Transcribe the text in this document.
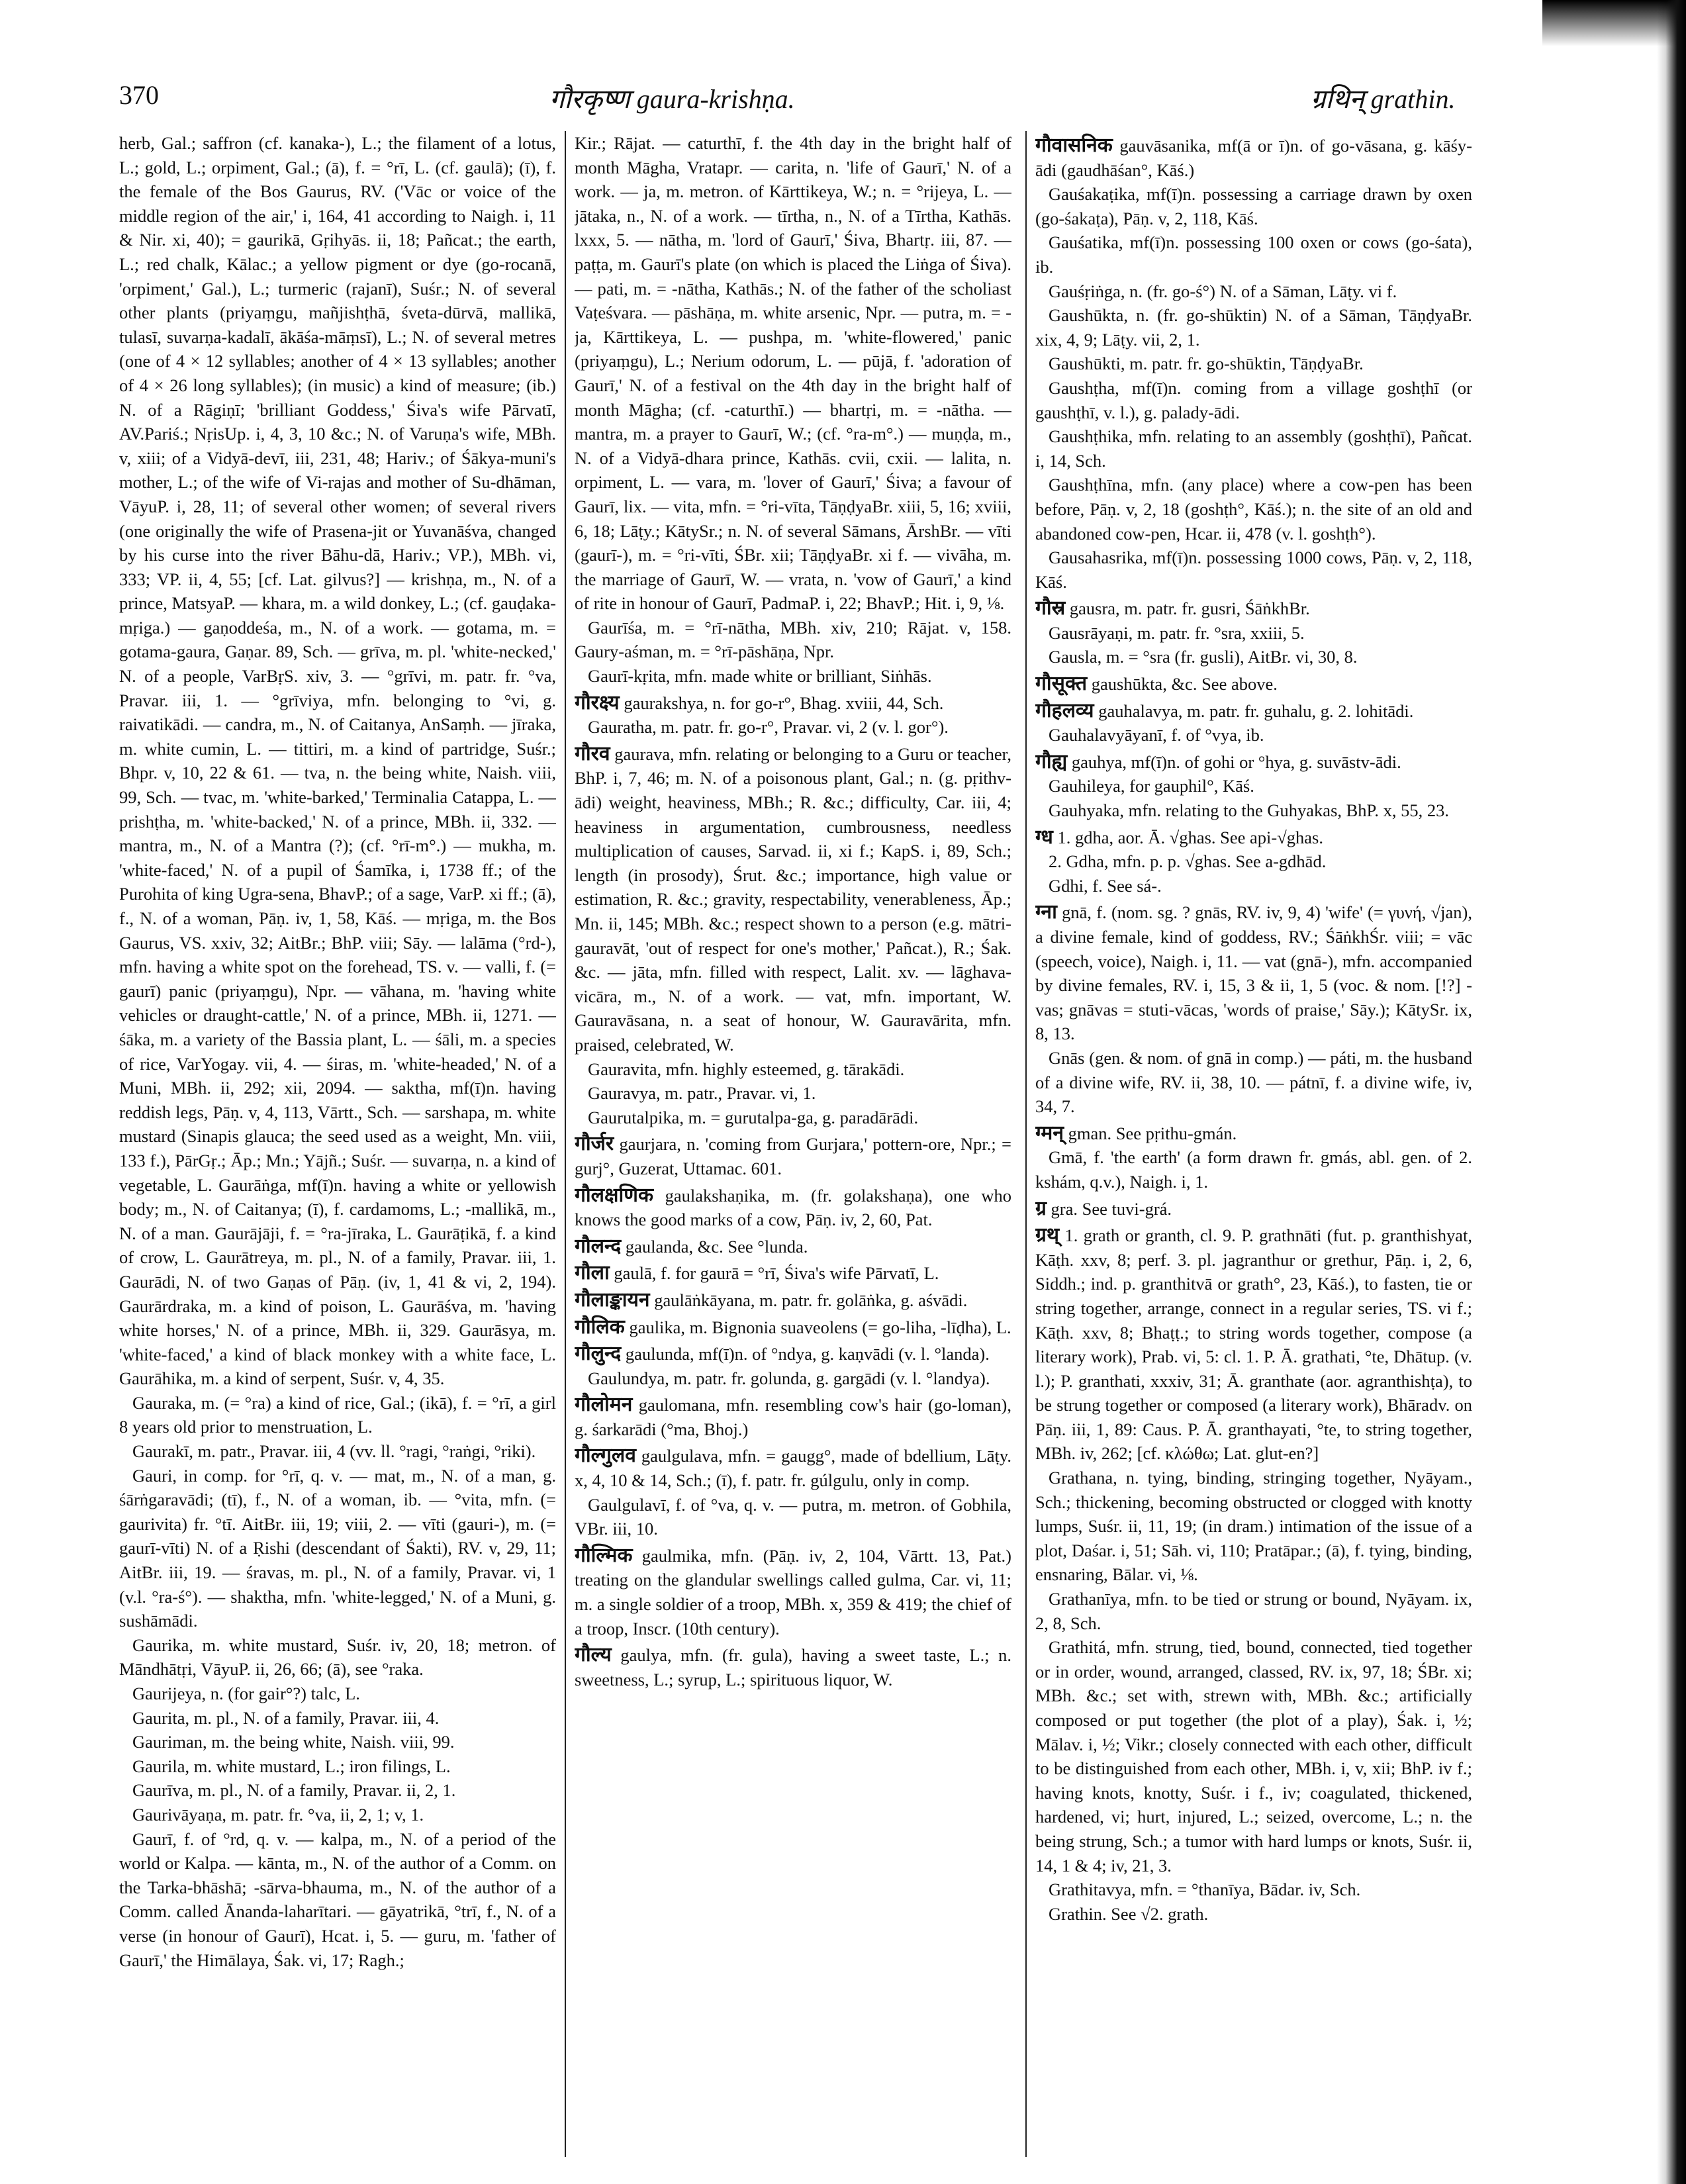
370	गौरकृष्ण gaura-krishṇa.	ग्रथिन् grathin.

herb, Gal.; saffron (cf. kanaka-), L.; the filament of a lotus, L.; gold, L.; orpiment, Gal.; (ā), f. = °rī, L. (cf. gaulā); (ī), f. the female of the Bos Gaurus, RV. ('Vāc or voice of the middle region of the air,' i, 164, 41 according to Naigh. i, 11 & Nir. xi, 40); = gaurikā, Gṛihyās. ii, 18; Pañcat.; the earth, L.; red chalk, Kālac.; a yellow pigment or dye (go-rocanā, 'orpiment,' Gal.), L.; turmeric (rajanī), Suśr.; N. of several other plants (priyaṃgu, mañjishṭhā, śveta-dūrvā, mallikā, tulasī, suvarṇa-kadalī, ākāśa-māṃsī), L.; N. of several metres (one of 4 × 12 syllables; another of 4 × 13 syllables; another of 4 × 26 long syllables); (in music) a kind of measure; (ib.) N. of a Rāgiṇī; 'brilliant Goddess,' Śiva's wife Pārvatī, AV.Pariś.; NṛisUp. i, 4, 3, 10 &c.; N. of Varuṇa's wife, MBh. v, xiii; of a Vidyā-devī, iii, 231, 48; Hariv.; of Śākya-muni's mother, L.; of the wife of Vi-rajas and mother of Su-dhāman, VāyuP. i, 28, 11; of several other women; of several rivers (one originally the wife of Prasena-jit or Yuvanāśva, changed by his curse into the river Bāhu-dā, Hariv.; VP.), MBh. vi, 333; VP. ii, 4, 55; [cf. Lat. gilvus?] — krishṇa, m., N. of a prince, MatsyaP. — khara, m. a wild donkey, L.; (cf. gauḍaka-mṛiga.) — gaṇoddeśa, m., N. of a work. — gotama, m. = gotama-gaura, Gaṇar. 89, Sch. — grīva, m. pl. 'white-necked,' N. of a people, VarBṛS. xiv, 3. — °grīvi, m. patr. fr. °va, Pravar. iii, 1. — °grīviya, mfn. belonging to °vi, g. raivatikādi. — candra, m., N. of Caitanya, AnSaṃh. — jīraka, m. white cumin, L. — tittiri, m. a kind of partridge, Suśr.; Bhpr. v, 10, 22 & 61. — tva, n. the being white, Naish. viii, 99, Sch. — tvac, m. 'white-barked,' Terminalia Catappa, L. — prishṭha, m. 'white-backed,' N. of a prince, MBh. ii, 332. — mantra, m., N. of a Mantra (?); (cf. °rī-m°.) — mukha, m. 'white-faced,' N. of a pupil of Śamīka, i, 1738 ff.; of the Purohita of king Ugra-sena, BhavP.; of a sage, VarP. xi ff.; (ā), f., N. of a woman, Pāṇ. iv, 1, 58, Kāś. — mṛiga, m. the Bos Gaurus, VS. xxiv, 32; AitBr.; BhP. viii; Sāy. — lalāma (°rd-), mfn. having a white spot on the forehead, TS. v. — valli, f. (= gaurī) panic (priyaṃgu), Npr. — vāhana, m. 'having white vehicles or draught-cattle,' N. of a prince, MBh. ii, 1271. — śāka, m. a variety of the Bassia plant, L. — śāli, m. a species of rice, VarYogay. vii, 4. — śiras, m. 'white-headed,' N. of a Muni, MBh. ii, 292; xii, 2094. — saktha, mf(ī)n. having reddish legs, Pāṇ. v, 4, 113, Vārtt., Sch. — sarshapa, m. white mustard (Sinapis glauca; the seed used as a weight, Mn. viii, 133 f.), PārGṛ.; Āp.; Mn.; Yājñ.; Suśr. — suvarṇa, n. a kind of vegetable, L. Gaurāṅga, mf(ī)n. having a white or yellowish body; m., N. of Caitanya; (ī), f. cardamoms, L.; -mallikā, m., N. of a man. Gaurājāji, f. = °ra-jīraka, L. Gaurāṭikā, f. a kind of crow, L. Gaurātreya, m. pl., N. of a family, Pravar. iii, 1. Gaurādi, N. of two Gaṇas of Pāṇ. (iv, 1, 41 & vi, 2, 194). Gaurārdraka, m. a kind of poison, L. Gaurāśva, m. 'having white horses,' N. of a prince, MBh. ii, 329. Gaurāsya, m. 'white-faced,' a kind of black monkey with a white face, L. Gaurāhika, m. a kind of serpent, Suśr. v, 4, 35.

Gauraka, m. (= °ra) a kind of rice, Gal.; (ikā), f. = °rī, a girl 8 years old prior to menstruation, L.

Gaurakī, m. patr., Pravar. iii, 4 (vv. ll. °ragi, °raṅgi, °riki).

Gauri, in comp. for °rī, q. v. — mat, m., N. of a man, g. śārṅgaravādi; (tī), f., N. of a woman, ib. — °vita, mfn. (= gaurivita) fr. °tī. AitBr. iii, 19; viii, 2. — vīti (gauri-), m. (= gaurī-vīti) N. of a Ṛishi (descendant of Śakti), RV. v, 29, 11; AitBr. iii, 19. — śravas, m. pl., N. of a family, Pravar. vi, 1 (v.l. °ra-ś°). — shaktha, mfn. 'white-legged,' N. of a Muni, g. sushāmādi.

Gaurika, m. white mustard, Suśr. iv, 20, 18; metron. of Māndhātṛi, VāyuP. ii, 26, 66; (ā), see °raka.

Gaurijeya, n. (for gair°?) talc, L.

Gaurita, m. pl., N. of a family, Pravar. iii, 4.

Gauriman, m. the being white, Naish. viii, 99.

Gaurila, m. white mustard, L.; iron filings, L.

Gaurīva, m. pl., N. of a family, Pravar. ii, 2, 1.

Gaurivāyaṇa, m. patr. fr. °va, ii, 2, 1; v, 1.

Gaurī, f. of °rd, q. v. — kalpa, m., N. of a period of the world or Kalpa. — kānta, m., N. of the author of a Comm. on the Tarka-bhāshā; -sārva-bhauma, m., N. of the author of a Comm. called Ānanda-laharītari. — gāyatrikā, °trī, f., N. of a verse (in honour of Gaurī), Hcat. i, 5. — guru, m. 'father of Gaurī,' the Himālaya, Śak. vi, 17; Ragh.;

Kir.; Rājat. — caturthī, f. the 4th day in the bright half of month Māgha, Vratapr. — carita, n. 'life of Gaurī,' N. of a work. — ja, m. metron. of Kārttikeya, W.; n. = °rijeya, L. — jātaka, n., N. of a work. — tīrtha, n., N. of a Tīrtha, Kathās. lxxx, 5. — nātha, m. 'lord of Gaurī,' Śiva, Bhartṛ. iii, 87. — paṭṭa, m. Gaurī's plate (on which is placed the Liṅga of Śiva). — pati, m. = -nātha, Kathās.; N. of the father of the scholiast Vaṭeśvara. — pāshāṇa, m. white arsenic, Npr. — putra, m. = -ja, Kārttikeya, L. — pushpa, m. 'white-flowered,' panic (priyaṃgu), L.; Nerium odorum, L. — pūjā, f. 'adoration of Gaurī,' N. of a festival on the 4th day in the bright half of month Māgha; (cf. -caturthī.) — bhartṛi, m. = -nātha. — mantra, m. a prayer to Gaurī, W.; (cf. °ra-m°.) — muṇḍa, m., N. of a Vidyā-dhara prince, Kathās. cvii, cxii. — lalita, n. orpiment, L. — vara, m. 'lover of Gaurī,' Śiva; a favour of Gaurī, lix. — vita, mfn. = °ri-vīta, TāṇḍyaBr. xiii, 5, 16; xviii, 6, 18; Lāṭy.; KātySr.; n. N. of several Sāmans, ĀrshBr. — vīti (gaurī-), m. = °ri-vīti, ŚBr. xii; TāṇḍyaBr. xi f. — vivāha, m. the marriage of Gaurī, W. — vrata, n. 'vow of Gaurī,' a kind of rite in honour of Gaurī, PadmaP. i, 22; BhavP.; Hit. i, 9, ⅛.

Gaurīśa, m. = °rī-nātha, MBh. xiv, 210; Rājat. v, 158. Gaury-aśman, m. = °rī-pāshāṇa, Npr.

Gaurī-kṛita, mfn. made white or brilliant, Siṅhās.

गौरक्ष्य gaurakshya, n. for go-r°, Bhag. xviii, 44, Sch.

Gauratha, m. patr. fr. go-r°, Pravar. vi, 2 (v. l. gor°).

गौरव gaurava, mfn. relating or belonging to a Guru or teacher, BhP. i, 7, 46; m. N. of a poisonous plant, Gal.; n. (g. pṛithv-ādi) weight, heaviness, MBh.; R. &c.; difficulty, Car. iii, 4; heaviness in argumentation, cumbrousness, needless multiplication of causes, Sarvad. ii, xi f.; KapS. i, 89, Sch.; length (in prosody), Śrut. &c.; importance, high value or estimation, R. &c.; gravity, respectability, venerableness, Āp.; Mn. ii, 145; MBh. &c.; respect shown to a person (e.g. mātri-gauravāt, 'out of respect for one's mother,' Pañcat.), R.; Śak. &c. — jāta, mfn. filled with respect, Lalit. xv. — lāghava-vicāra, m., N. of a work. — vat, mfn. important, W. Gauravāsana, n. a seat of honour, W. Gauravārita, mfn. praised, celebrated, W.

Gauravita, mfn. highly esteemed, g. tārakādi.

Gauravya, m. patr., Pravar. vi, 1.

Gaurutalpika, m. = gurutalpa-ga, g. paradārādi.

गौर्जर gaurjara, n. 'coming from Gurjara,' pottern-ore, Npr.; = gurj°, Guzerat, Uttamac. 601.

गौलक्षणिक gaulakshaṇika, m. (fr. golakshaṇa), one who knows the good marks of a cow, Pāṇ. iv, 2, 60, Pat.

गौलन्द gaulanda, &c. See °lunda.

गौला gaulā, f. for gaurā = °rī, Śiva's wife Pārvatī, L.

गौलाङ्कायन gaulāṅkāyana, m. patr. fr. golāṅka, g. aśvādi.

गौलिक gaulika, m. Bignonia suaveolens (= go-liha, -līḍha), L.

गौलुन्द gaulunda, mf(ī)n. of °ndya, g. kaṇvādi (v. l. °landa).

Gaulundya, m. patr. fr. golunda, g. gargādi (v. l. °landya).

गौलोमन gaulomana, mfn. resembling cow's hair (go-loman), g. śarkarādi (°ma, Bhoj.)

गौल्गुलव gaulgulava, mfn. = gaugg°, made of bdellium, Lāṭy. x, 4, 10 & 14, Sch.; (ī), f. patr. fr. gúlgulu, only in comp.

Gaulgulavī, f. of °va, q. v. — putra, m. metron. of Gobhila, VBr. iii, 10.

गौल्मिक gaulmika, mfn. (Pāṇ. iv, 2, 104, Vārtt. 13, Pat.) treating on the glandular swellings called gulma, Car. vi, 11; m. a single soldier of a troop, MBh. x, 359 & 419; the chief of a troop, Inscr. (10th century).

गौल्य gaulya, mfn. (fr. gula), having a sweet taste, L.; n. sweetness, L.; syrup, L.; spirituous liquor, W.

गौवासनिक gauvāsanika, mf(ā or ī)n. of go-vāsana, g. kāśy-ādi (gaudhāśan°, Kāś.)

Gauśakaṭika, mf(ī)n. possessing a carriage drawn by oxen (go-śakaṭa), Pāṇ. v, 2, 118, Kāś.

Gauśatika, mf(ī)n. possessing 100 oxen or cows (go-śata), ib.

Gauśṛiṅga, n. (fr. go-ś°) N. of a Sāman, Lāṭy. vi f.

Gaushūkta, n. (fr. go-shūktin) N. of a Sāman, TāṇḍyaBr. xix, 4, 9; Lāṭy. vii, 2, 1.

Gaushūkti, m. patr. fr. go-shūktin, TāṇḍyaBr.

Gaushṭha, mf(ī)n. coming from a village goshṭhī (or gaushṭhī, v. l.), g. palady-ādi.

Gaushṭhika, mfn. relating to an assembly (goshṭhī), Pañcat. i, 14, Sch.

Gaushṭhīna, mfn. (any place) where a cow-pen has been before, Pāṇ. v, 2, 18 (goshṭh°, Kāś.); n. the site of an old and abandoned cow-pen, Hcar. ii, 478 (v. l. goshṭh°).

Gausahasrika, mf(ī)n. possessing 1000 cows, Pāṇ. v, 2, 118, Kāś.

गौस्र gausra, m. patr. fr. gusri, ŚāṅkhBr.

Gausrāyaṇi, m. patr. fr. °sra, xxiii, 5.

Gausla, m. = °sra (fr. gusli), AitBr. vi, 30, 8.

गौसूक्त gaushūkta, &c. See above.

गौहलव्य gauhalavya, m. patr. fr. guhalu, g. 2. lohitādi.

Gauhalavyāyanī, f. of °vya, ib.

गौह्य gauhya, mf(ī)n. of gohi or °hya, g. suvāstv-ādi.

Gauhileya, for gauphil°, Kāś.

Gauhyaka, mfn. relating to the Guhyakas, BhP. x, 55, 23.

ग्ध 1. gdha, aor. Ā. √ghas. See api-√ghas.

2. Gdha, mfn. p. p. √ghas. See a-gdhād.

Gdhi, f. See sá-.

ग्ना gnā, f. (nom. sg. ? gnās, RV. iv, 9, 4) 'wife' (= γυνή, √jan), a divine female, kind of goddess, RV.; ŚāṅkhŚr. viii; = vāc (speech, voice), Naigh. i, 11. — vat (gnā-), mfn. accompanied by divine females, RV. i, 15, 3 & ii, 1, 5 (voc. & nom. [!?] -vas; gnāvas = stuti-vācas, 'words of praise,' Sāy.); KātySr. ix, 8, 13.

Gnās (gen. & nom. of gnā in comp.) — páti, m. the husband of a divine wife, RV. ii, 38, 10. — pátnī, f. a divine wife, iv, 34, 7.

ग्मन् gman. See pṛithu-gmán.

Gmā, f. 'the earth' (a form drawn fr. gmás, abl. gen. of 2. kshám, q.v.), Naigh. i, 1.

ग्र gra. See tuvi-grá.

ग्रथ् 1. grath or granth, cl. 9. P. grathnāti (fut. p. granthishyat, Kāṭh. xxv, 8; perf. 3. pl. jagranthur or grethur, Pāṇ. i, 2, 6, Siddh.; ind. p. granthitvā or grath°, 23, Kāś.), to fasten, tie or string together, arrange, connect in a regular series, TS. vi f.; Kāṭh. xxv, 8; Bhaṭṭ.; to string words together, compose (a literary work), Prab. vi, 5: cl. 1. P. Ā. grathati, °te, Dhātup. (v. l.); P. granthati, xxxiv, 31; Ā. granthate (aor. agranthishṭa), to be strung together or composed (a literary work), Bhāradv. on Pāṇ. iii, 1, 89: Caus. P. Ā. granthayati, °te, to string together, MBh. iv, 262; [cf. κλώθω; Lat. glut-en?]

Grathana, n. tying, binding, stringing together, Nyāyam., Sch.; thickening, becoming obstructed or clogged with knotty lumps, Suśr. ii, 11, 19; (in dram.) intimation of the issue of a plot, Daśar. i, 51; Sāh. vi, 110; Pratāpar.; (ā), f. tying, binding, ensnaring, Bālar. vi, ⅛.

Grathanīya, mfn. to be tied or strung or bound, Nyāyam. ix, 2, 8, Sch.

Grathitá, mfn. strung, tied, bound, connected, tied together or in order, wound, arranged, classed, RV. ix, 97, 18; ŚBr. xi; MBh. &c.; set with, strewn with, MBh. &c.; artificially composed or put together (the plot of a play), Śak. i, ½; Mālav. i, ½; Vikr.; closely connected with each other, difficult to be distinguished from each other, MBh. i, v, xii; BhP. iv f.; having knots, knotty, Suśr. i f., iv; coagulated, thickened, hardened, vi; hurt, injured, L.; seized, overcome, L.; n. the being strung, Sch.; a tumor with hard lumps or knots, Suśr. ii, 14, 1 & 4; iv, 21, 3.

Grathitavya, mfn. = °thanīya, Bādar. iv, Sch.

Grathin. See √2. grath.
